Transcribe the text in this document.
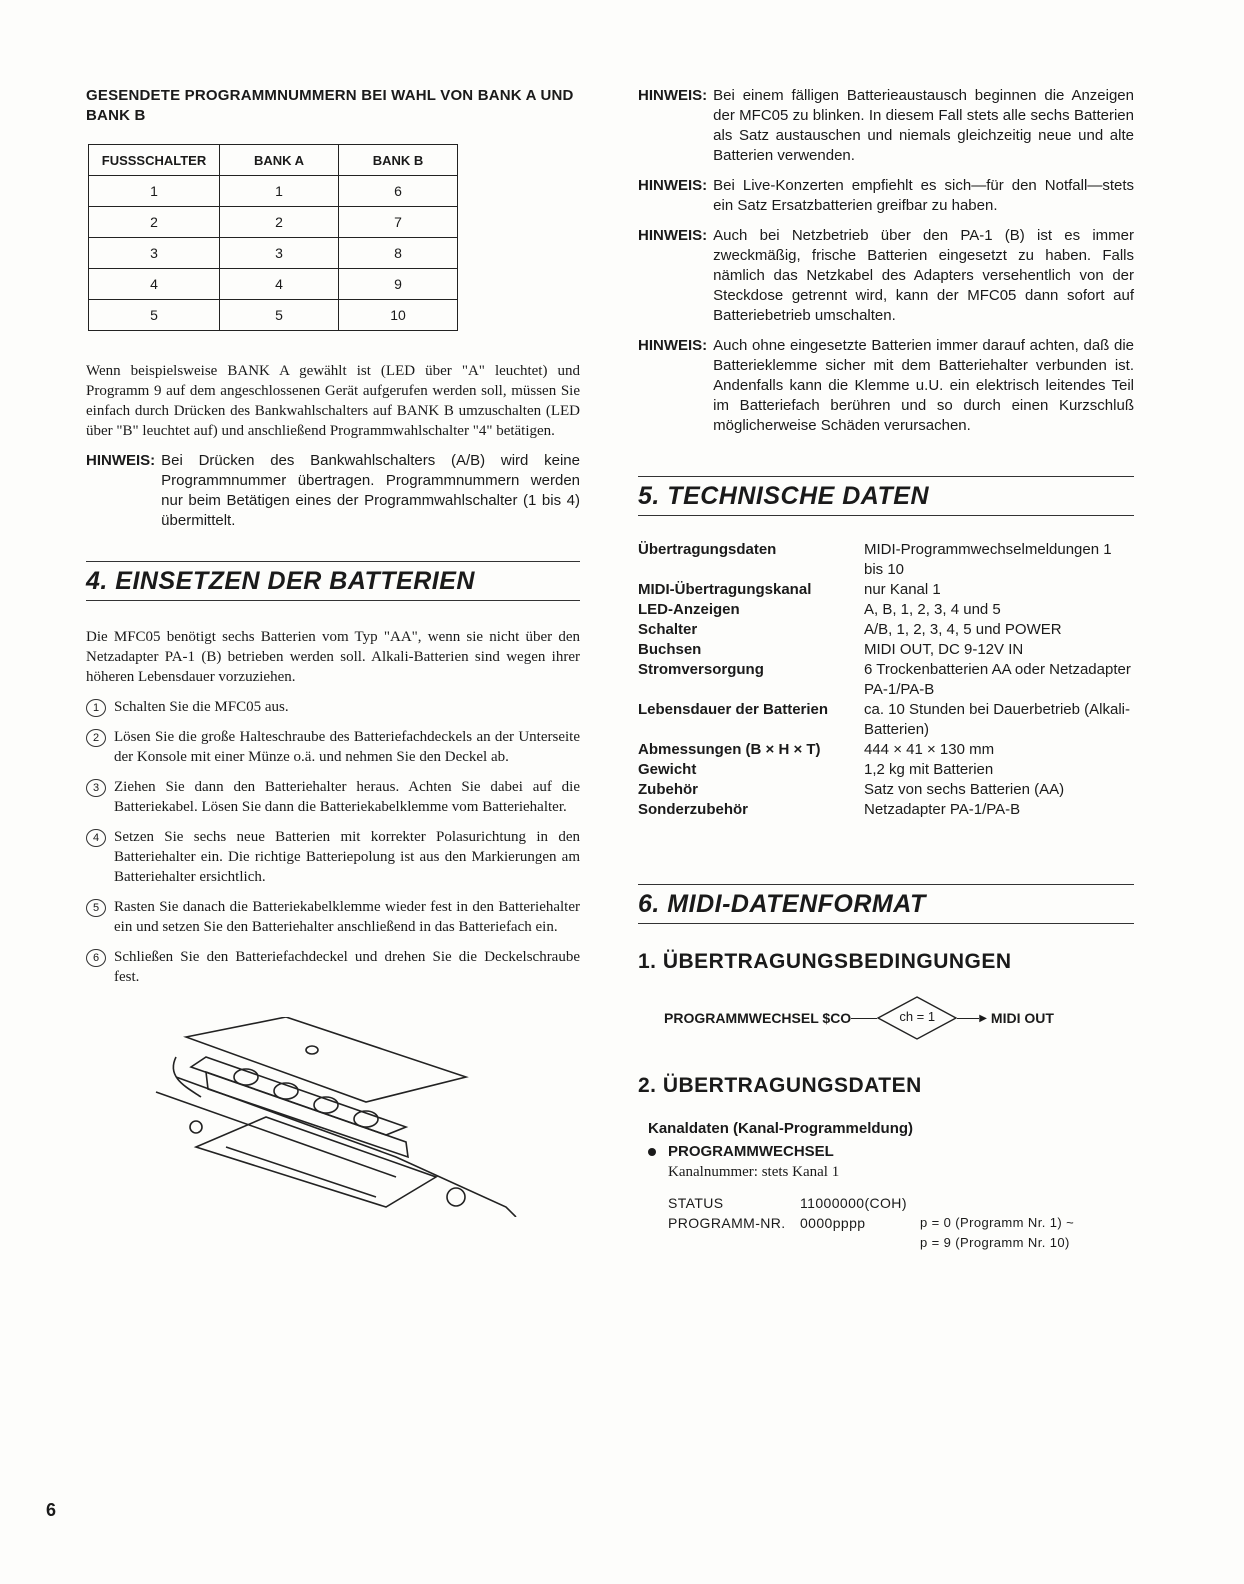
GESENDETE PROGRAMMNUMMERN BEI WAHL VON BANK A UND BANK B
FUSSSCHALTER	BANK A	BANK B
1	1	6
2	2	7
3	3	8
4	4	9
5	5	10

Wenn beispielsweise BANK A gewählt ist (LED über "A" leuchtet) und Programm 9 auf dem angeschlossenen Gerät aufgerufen werden soll, müssen Sie einfach durch Drücken des Bankwahlschalters auf BANK B umzuschalten (LED über "B" leuchtet auf) und anschließend Programmwahlschalter "4" betätigen.

HINWEIS: Bei Drücken des Bankwahlschalters (A/B) wird keine Programmnummer übertragen. Programmnummern werden nur beim Betätigen eines der Programmwahlschalter (1 bis 4) übermittelt.
4. EINSETZEN DER BATTERIEN

Die MFC05 benötigt sechs Batterien vom Typ "AA", wenn sie nicht über den Netzadapter PA-1 (B) betrieben werden soll. Alkali-Batterien sind wegen ihrer höheren Lebensdauer vorzuziehen.

1 Schalten Sie die MFC05 aus.
2 Lösen Sie die große Halteschraube des Batteriefachdeckels an der Unterseite der Konsole mit einer Münze o.ä. und nehmen Sie den Deckel ab.
3 Ziehen Sie dann den Batteriehalter heraus. Achten Sie dabei auf die Batteriekabel. Lösen Sie dann die Batteriekabelklemme vom Batteriehalter.
4 Setzen Sie sechs neue Batterien mit korrekter Polasurichtung in den Batteriehalter ein. Die richtige Batteriepolung ist aus den Markierungen am Batteriehalter ersichtlich.
5 Rasten Sie danach die Batteriekabelklemme wieder fest in den Batteriehalter ein und setzen Sie den Batteriehalter anschließend in das Batteriefach ein.
6 Schließen Sie den Batteriefachdeckel und drehen Sie die Deckelschraube fest.
HINWEIS: Bei einem fälligen Batterieaustausch beginnen die Anzeigen der MFC05 zu blinken. In diesem Fall stets alle sechs Batterien als Satz austauschen und niemals gleichzeitig neue und alte Batterien verwenden.
HINWEIS: Bei Live-Konzerten empfiehlt es sich—für den Notfall—stets ein Satz Ersatzbatterien greifbar zu haben.
HINWEIS: Auch bei Netzbetrieb über den PA-1 (B) ist es immer zweckmäßig, frische Batterien eingesetzt zu haben. Falls nämlich das Netzkabel des Adapters versehentlich von der Steckdose getrennt wird, kann der MFC05 dann sofort auf Batteriebetrieb umschalten.
HINWEIS: Auch ohne eingesetzte Batterien immer darauf achten, daß die Batterieklemme sicher mit dem Batteriehalter verbunden ist. Andenfalls kann die Klemme u.U. ein elektrisch leitendes Teil im Batteriefach berühren und so durch einen Kurzschluß möglicherweise Schäden verursachen.
5. TECHNISCHE DATEN
Übertragungsdaten	MIDI-Programmwechselmeldungen 1 bis 10
MIDI-Übertragungskanal	nur Kanal 1
LED-Anzeigen	A, B, 1, 2, 3, 4 und 5
Schalter	A/B, 1, 2, 3, 4, 5 und POWER
Buchsen	MIDI OUT, DC 9-12V IN
Stromversorgung	6 Trockenbatterien AA oder Netzadapter PA-1/PA-B
Lebensdauer der Batterien	ca. 10 Stunden bei Dauerbetrieb (Alkali-Batterien)
Abmessungen (B × H × T)	444 × 41 × 130 mm
Gewicht	1,2 kg mit Batterien
Zubehör	Satz von sechs Batterien (AA)
Sonderzubehör	Netzadapter PA-1/PA-B
6. MIDI-DATENFORMAT
1. ÜBERTRAGUNGSBEDINGUNGEN
PROGRAMMWECHSEL $CO	ch = 1	▶ MIDI OUT
2. ÜBERTRAGUNGSDATEN
Kanaldaten (Kanal-Programmeldung)
PROGRAMMWECHSEL
Kanalnummer: stets Kanal 1
STATUS	11000000(COH)
PROGRAMM-NR.	0000pppp	p = 0 (Programm Nr. 1) ~
p = 9 (Programm Nr. 10)
6
